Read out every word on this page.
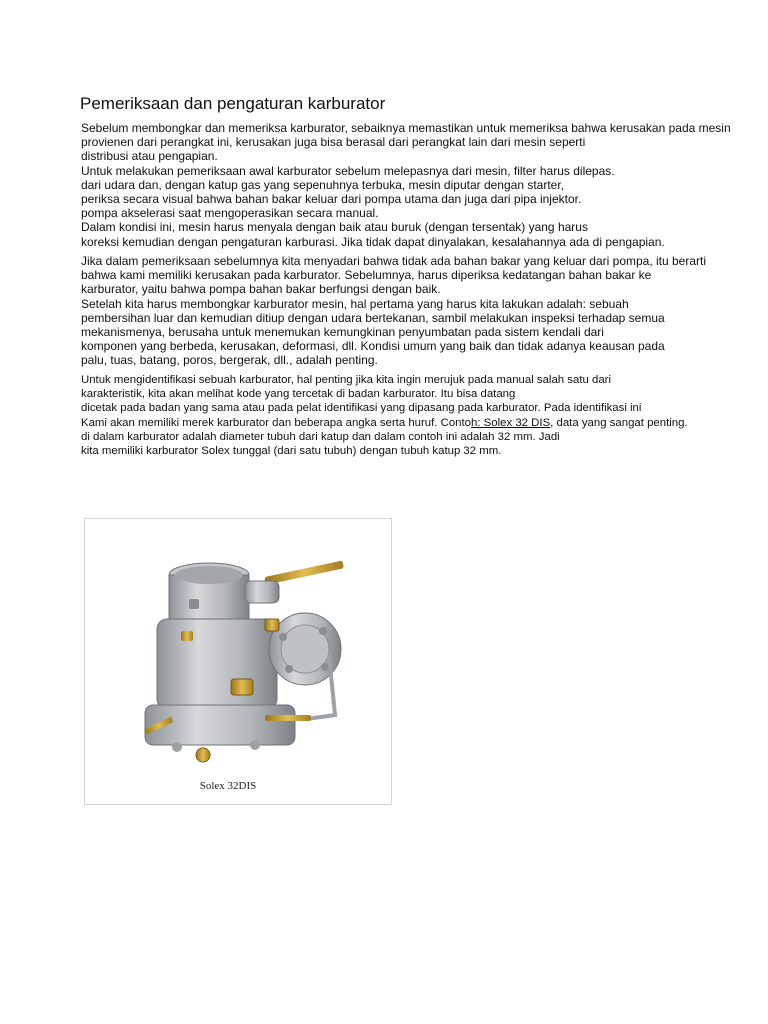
Pemeriksaan dan pengaturan karburator
Sebelum membongkar dan memeriksa karburator, sebaiknya memastikan untuk memeriksa bahwa kerusakan pada mesin
provienen dari perangkat ini, kerusakan juga bisa berasal dari perangkat lain dari mesin seperti
distribusi atau pengapian.
Untuk melakukan pemeriksaan awal karburator sebelum melepasnya dari mesin, filter harus dilepas.
dari udara dan, dengan katup gas yang sepenuhnya terbuka, mesin diputar dengan starter,
periksa secara visual bahwa bahan bakar keluar dari pompa utama dan juga dari pipa injektor.
pompa akselerasi saat mengoperasikan secara manual.
Dalam kondisi ini, mesin harus menyala dengan baik atau buruk (dengan tersentak) yang harus
koreksi kemudian dengan pengaturan karburasi. Jika tidak dapat dinyalakan, kesalahannya ada di pengapian.
Jika dalam pemeriksaan sebelumnya kita menyadari bahwa tidak ada bahan bakar yang keluar dari pompa, itu berarti
bahwa kami memiliki kerusakan pada karburator. Sebelumnya, harus diperiksa kedatangan bahan bakar ke
karburator, yaitu bahwa pompa bahan bakar berfungsi dengan baik.
Setelah kita harus membongkar karburator mesin, hal pertama yang harus kita lakukan adalah: sebuah
pembersihan luar dan kemudian ditiup dengan udara bertekanan, sambil melakukan inspeksi terhadap semua
mekanismenya, berusaha untuk menemukan kemungkinan penyumbatan pada sistem kendali dari
komponen yang berbeda, kerusakan, deformasi, dll. Kondisi umum yang baik dan tidak adanya keausan pada
palu, tuas, batang, poros, bergerak, dll., adalah penting.
Untuk mengidentifikasi sebuah karburator, hal penting jika kita ingin merujuk pada manual salah satu dari
karakteristik, kita akan melihat kode yang tercetak di badan karburator. Itu bisa datang
dicetak pada badan yang sama atau pada pelat identifikasi yang dipasang pada karburator. Pada identifikasi ini
Kami akan memiliki merek karburator dan beberapa angka serta huruf. Contoh: Solex 32 DIS, data yang sangat penting.
di dalam karburator adalah diameter tubuh dari katup dan dalam contoh ini adalah 32 mm. Jadi
kita memiliki karburator Solex tunggal (dari satu tubuh) dengan tubuh katup 32 mm.
Solex 32DIS
